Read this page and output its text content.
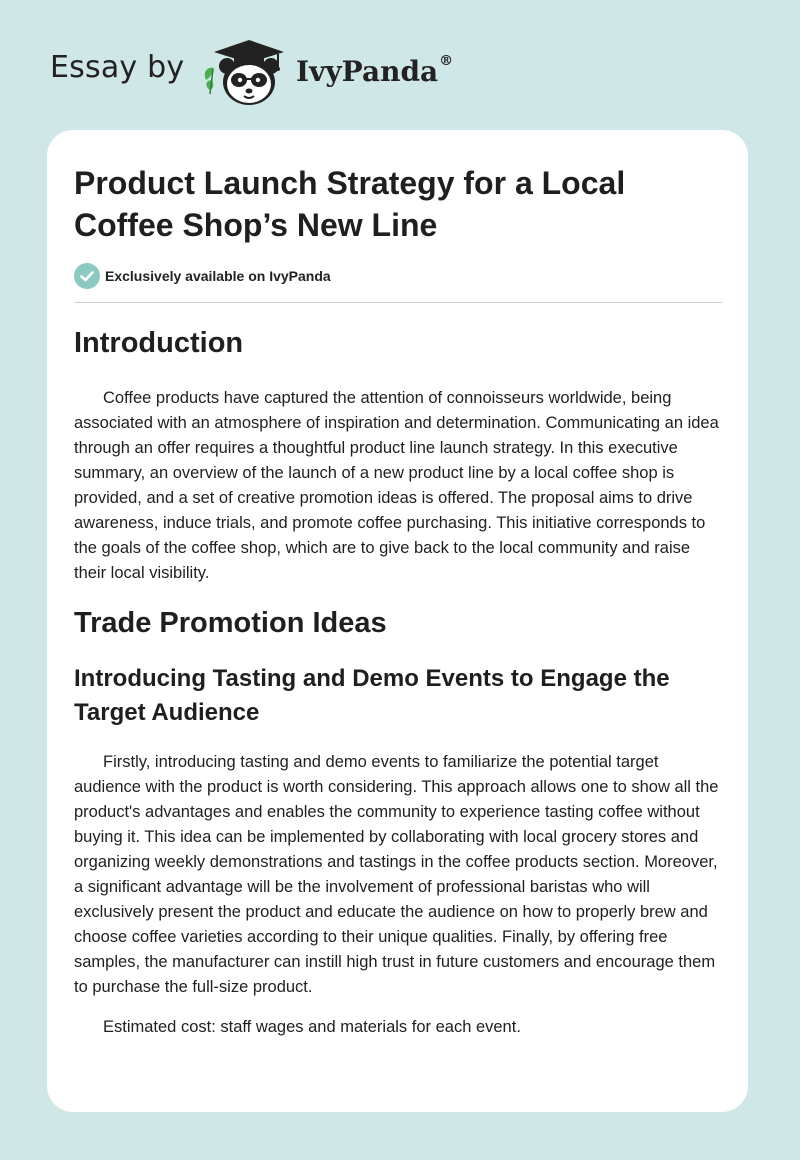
Essay by	IvyPanda®
Product Launch Strategy for a Local Coffee Shop’s New Line
Exclusively available on IvyPanda
Introduction

Coffee products have captured the attention of connoisseurs worldwide, being associated with an atmosphere of inspiration and determination. Communicating an idea through an offer requires a thoughtful product line launch strategy. In this executive summary, an overview of the launch of a new product line by a local coffee shop is provided, and a set of creative promotion ideas is offered. The proposal aims to drive awareness, induce trials, and promote coffee purchasing. This initiative corresponds to the goals of the coffee shop, which are to give back to the local community and raise their local visibility.

Trade Promotion Ideas
Introducing Tasting and Demo Events to Engage the Target Audience

Firstly, introducing tasting and demo events to familiarize the potential target audience with the product is worth considering. This approach allows one to show all the product's advantages and enables the community to experience tasting coffee without buying it. This idea can be implemented by collaborating with local grocery stores and organizing weekly demonstrations and tastings in the coffee products section. Moreover, a significant advantage will be the involvement of professional baristas who will exclusively present the product and educate the audience on how to properly brew and choose coffee varieties according to their unique qualities. Finally, by offering free samples, the manufacturer can instill high trust in future customers and encourage them to purchase the full-size product.

Estimated cost: staff wages and materials for each event.
